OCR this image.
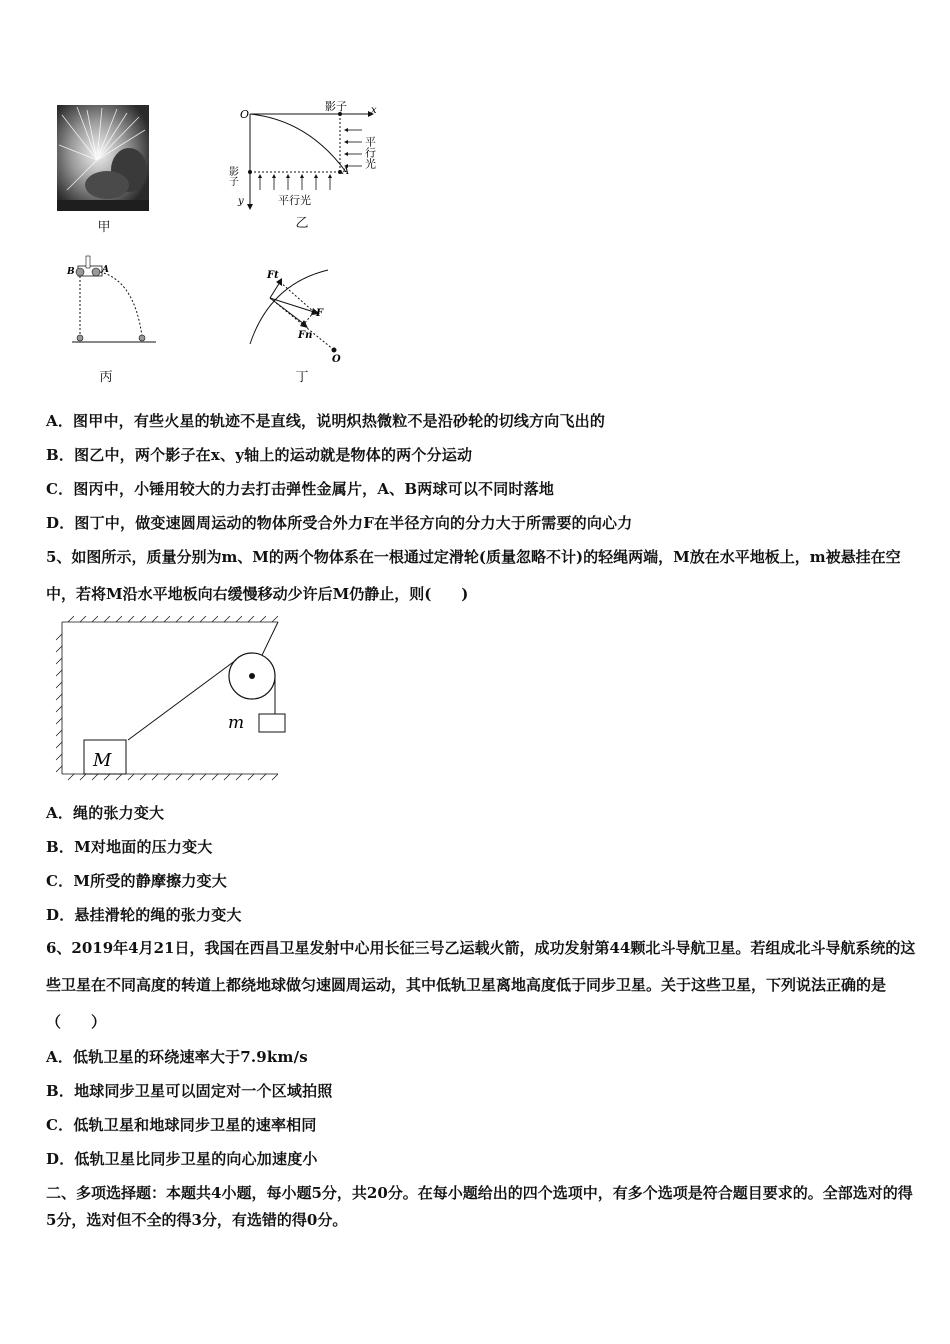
甲
O
影子 x
y
A
影子
平行光
平行光
乙
B	A
丙
Ft
F
Fn
O
丁
A．图甲中，有些火星的轨迹不是直线，说明炽热微粒不是沿砂轮的切线方向飞出的
B．图乙中，两个影子在x、y轴上的运动就是物体的两个分运动
C．图丙中，小锤用较大的力去打击弹性金属片，A、B两球可以不同时落地
D．图丁中，做变速圆周运动的物体所受合外力F在半径方向的分力大于所需要的向心力
5、如图所示，质量分别为m、M的两个物体系在一根通过定滑轮(质量忽略不计)的轻绳两端，M放在水平地板上，m被悬挂在空中，若将M沿水平地板向右缓慢移动少许后M仍静止，则(　　)
m
M
A．绳的张力变大
B．M对地面的压力变大
C．M所受的静摩擦力变大
D．悬挂滑轮的绳的张力变大
6、2019年4月21日，我国在西昌卫星发射中心用长征三号乙运载火箭，成功发射第44颗北斗导航卫星。若组成北斗导航系统的这些卫星在不同高度的转道上都绕地球做匀速圆周运动，其中低轨卫星离地高度低于同步卫星。关于这些卫星，下列说法正确的是（　　）
A．低轨卫星的环绕速率大于7.9km/s
B．地球同步卫星可以固定对一个区域拍照
C．低轨卫星和地球同步卫星的速率相同
D．低轨卫星比同步卫星的向心加速度小
二、多项选择题：本题共4小题，每小题5分，共20分。在每小题给出的四个选项中，有多个选项是符合题目要求的。全部选对的得5分，选对但不全的得3分，有选错的得0分。
